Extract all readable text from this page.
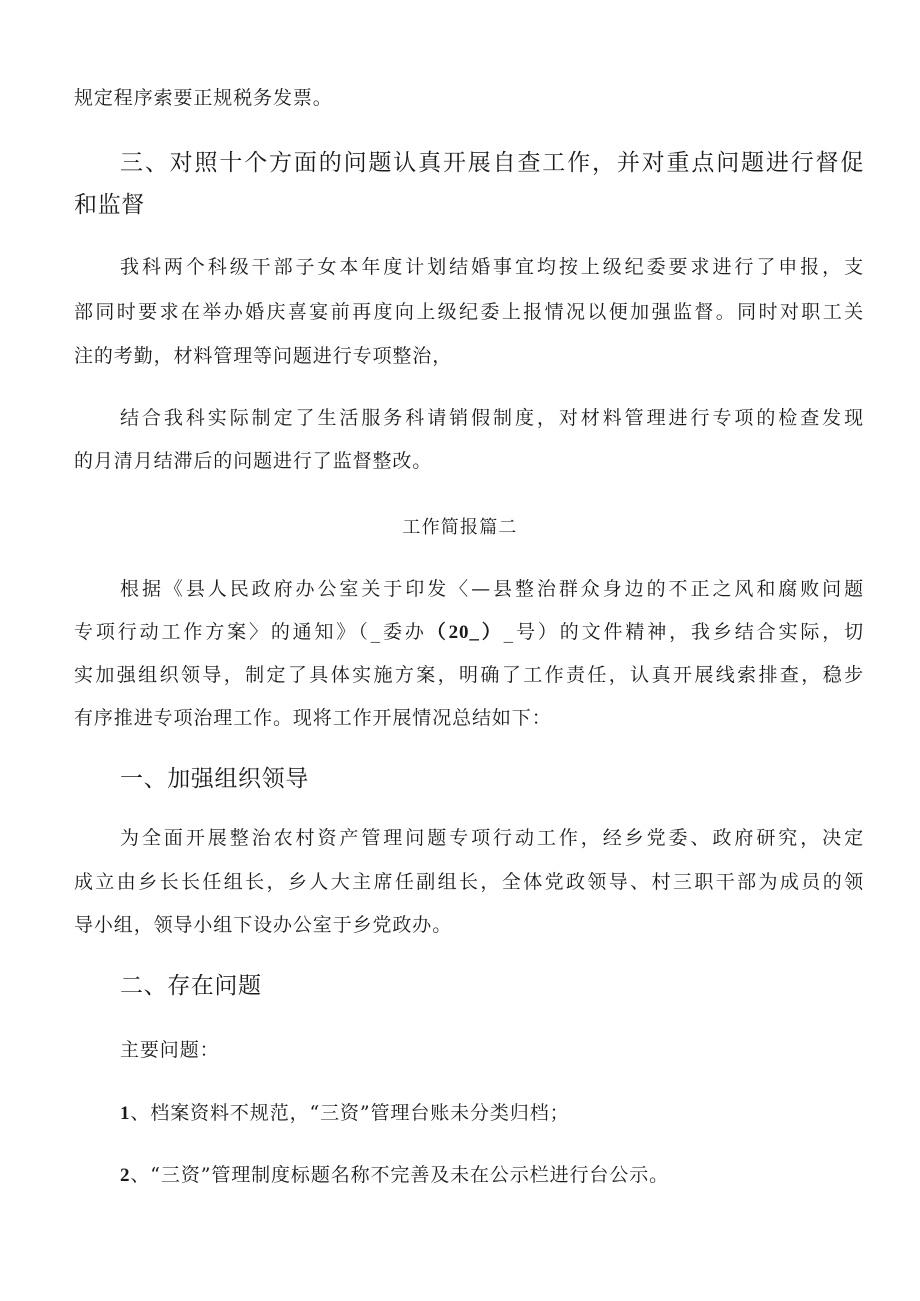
规定程序索要正规税务发票。
三、对照十个方面的问题认真开展自查工作，并对重点问题进行督促
和监督
我科两个科级干部子女本年度计划结婚事宜均按上级纪委要求进行了申报，支
部同时要求在举办婚庆喜宴前再度向上级纪委上报情况以便加强监督。同时对职工关
注的考勤，材料管理等问题进行专项整治，
结合我科实际制定了生活服务科请销假制度，对材料管理进行专项的检查发现
的月清月结滞后的问题进行了监督整改。
工作简报篇二
根据《县人民政府办公室关于印发〈—县整治群众身边的不正之风和腐败问题
专项行动工作方案〉的通知》（_委办（20_）_号）的文件精神，我乡结合实际，切
实加强组织领导，制定了具体实施方案，明确了工作责任，认真开展线索排查，稳步
有序推进专项治理工作。现将工作开展情况总结如下：
一、加强组织领导
为全面开展整治农村资产管理问题专项行动工作，经乡党委、政府研究，决定
成立由乡长长任组长，乡人大主席任副组长，全体党政领导、村三职干部为成员的领
导小组，领导小组下设办公室于乡党政办。
二、存在问题
主要问题：
1、档案资料不规范，“三资”管理台账未分类归档；
2、“三资”管理制度标题名称不完善及未在公示栏进行台公示。
